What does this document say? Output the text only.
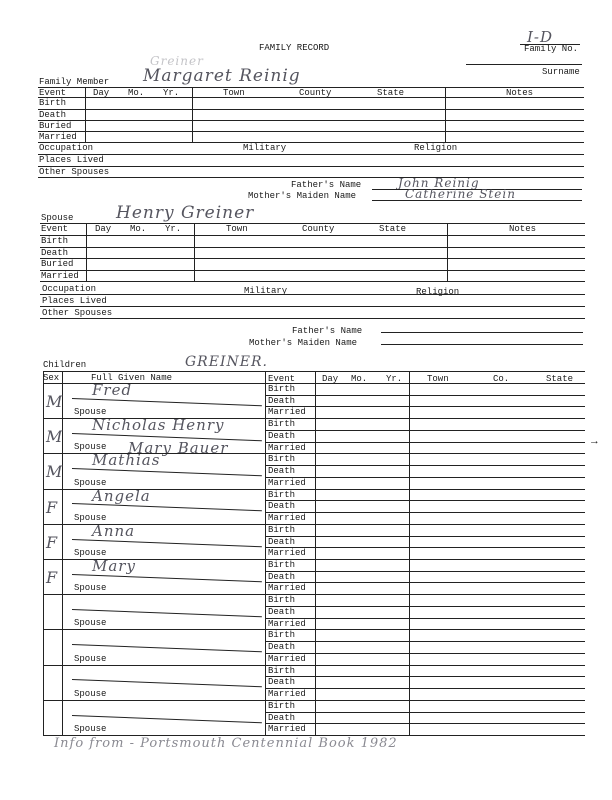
FAMILY RECORD
I-D
Family No.
Greiner
Surname
Family Member Margaret Reinig
Event	Day Mo. Yr.	Town	County	State	Notes
Birth
Death
Buried
Married
Occupation	Military	Religion
Places Lived
Other Spouses
Father's Name	John Reinig
Mother's Maiden Name	Catherine Stein
Spouse	Henry Greiner
Event	Day Mo. Yr.	Town	County	State	Notes
Birth
Death
Buried
Married
Occupation	Military	Religion
Places Lived
Other Spouses
Father's Name
Mother's Maiden Name
Children	GREINER.
Sex	Full Given Name	Event	Day Mo. Yr.	Town	Co.	State
M
Fred
Spouse
Birth
Death
Married
M
Nicholas Henry
Spouse Mary Bauer
Birth
Death
Married
M
Mathias
Spouse
Birth
Death
Married
F
Angela
Spouse
Birth
Death
Married
F
Anna
Spouse
Birth
Death
Married
F
Mary
Spouse
Birth
Death
Married
Spouse
Birth
Death
Married
Spouse
Birth
Death
Married
Spouse
Birth
Death
Married
Spouse
Birth
Death
Married
→
Info from - Portsmouth Centennial Book 1982
